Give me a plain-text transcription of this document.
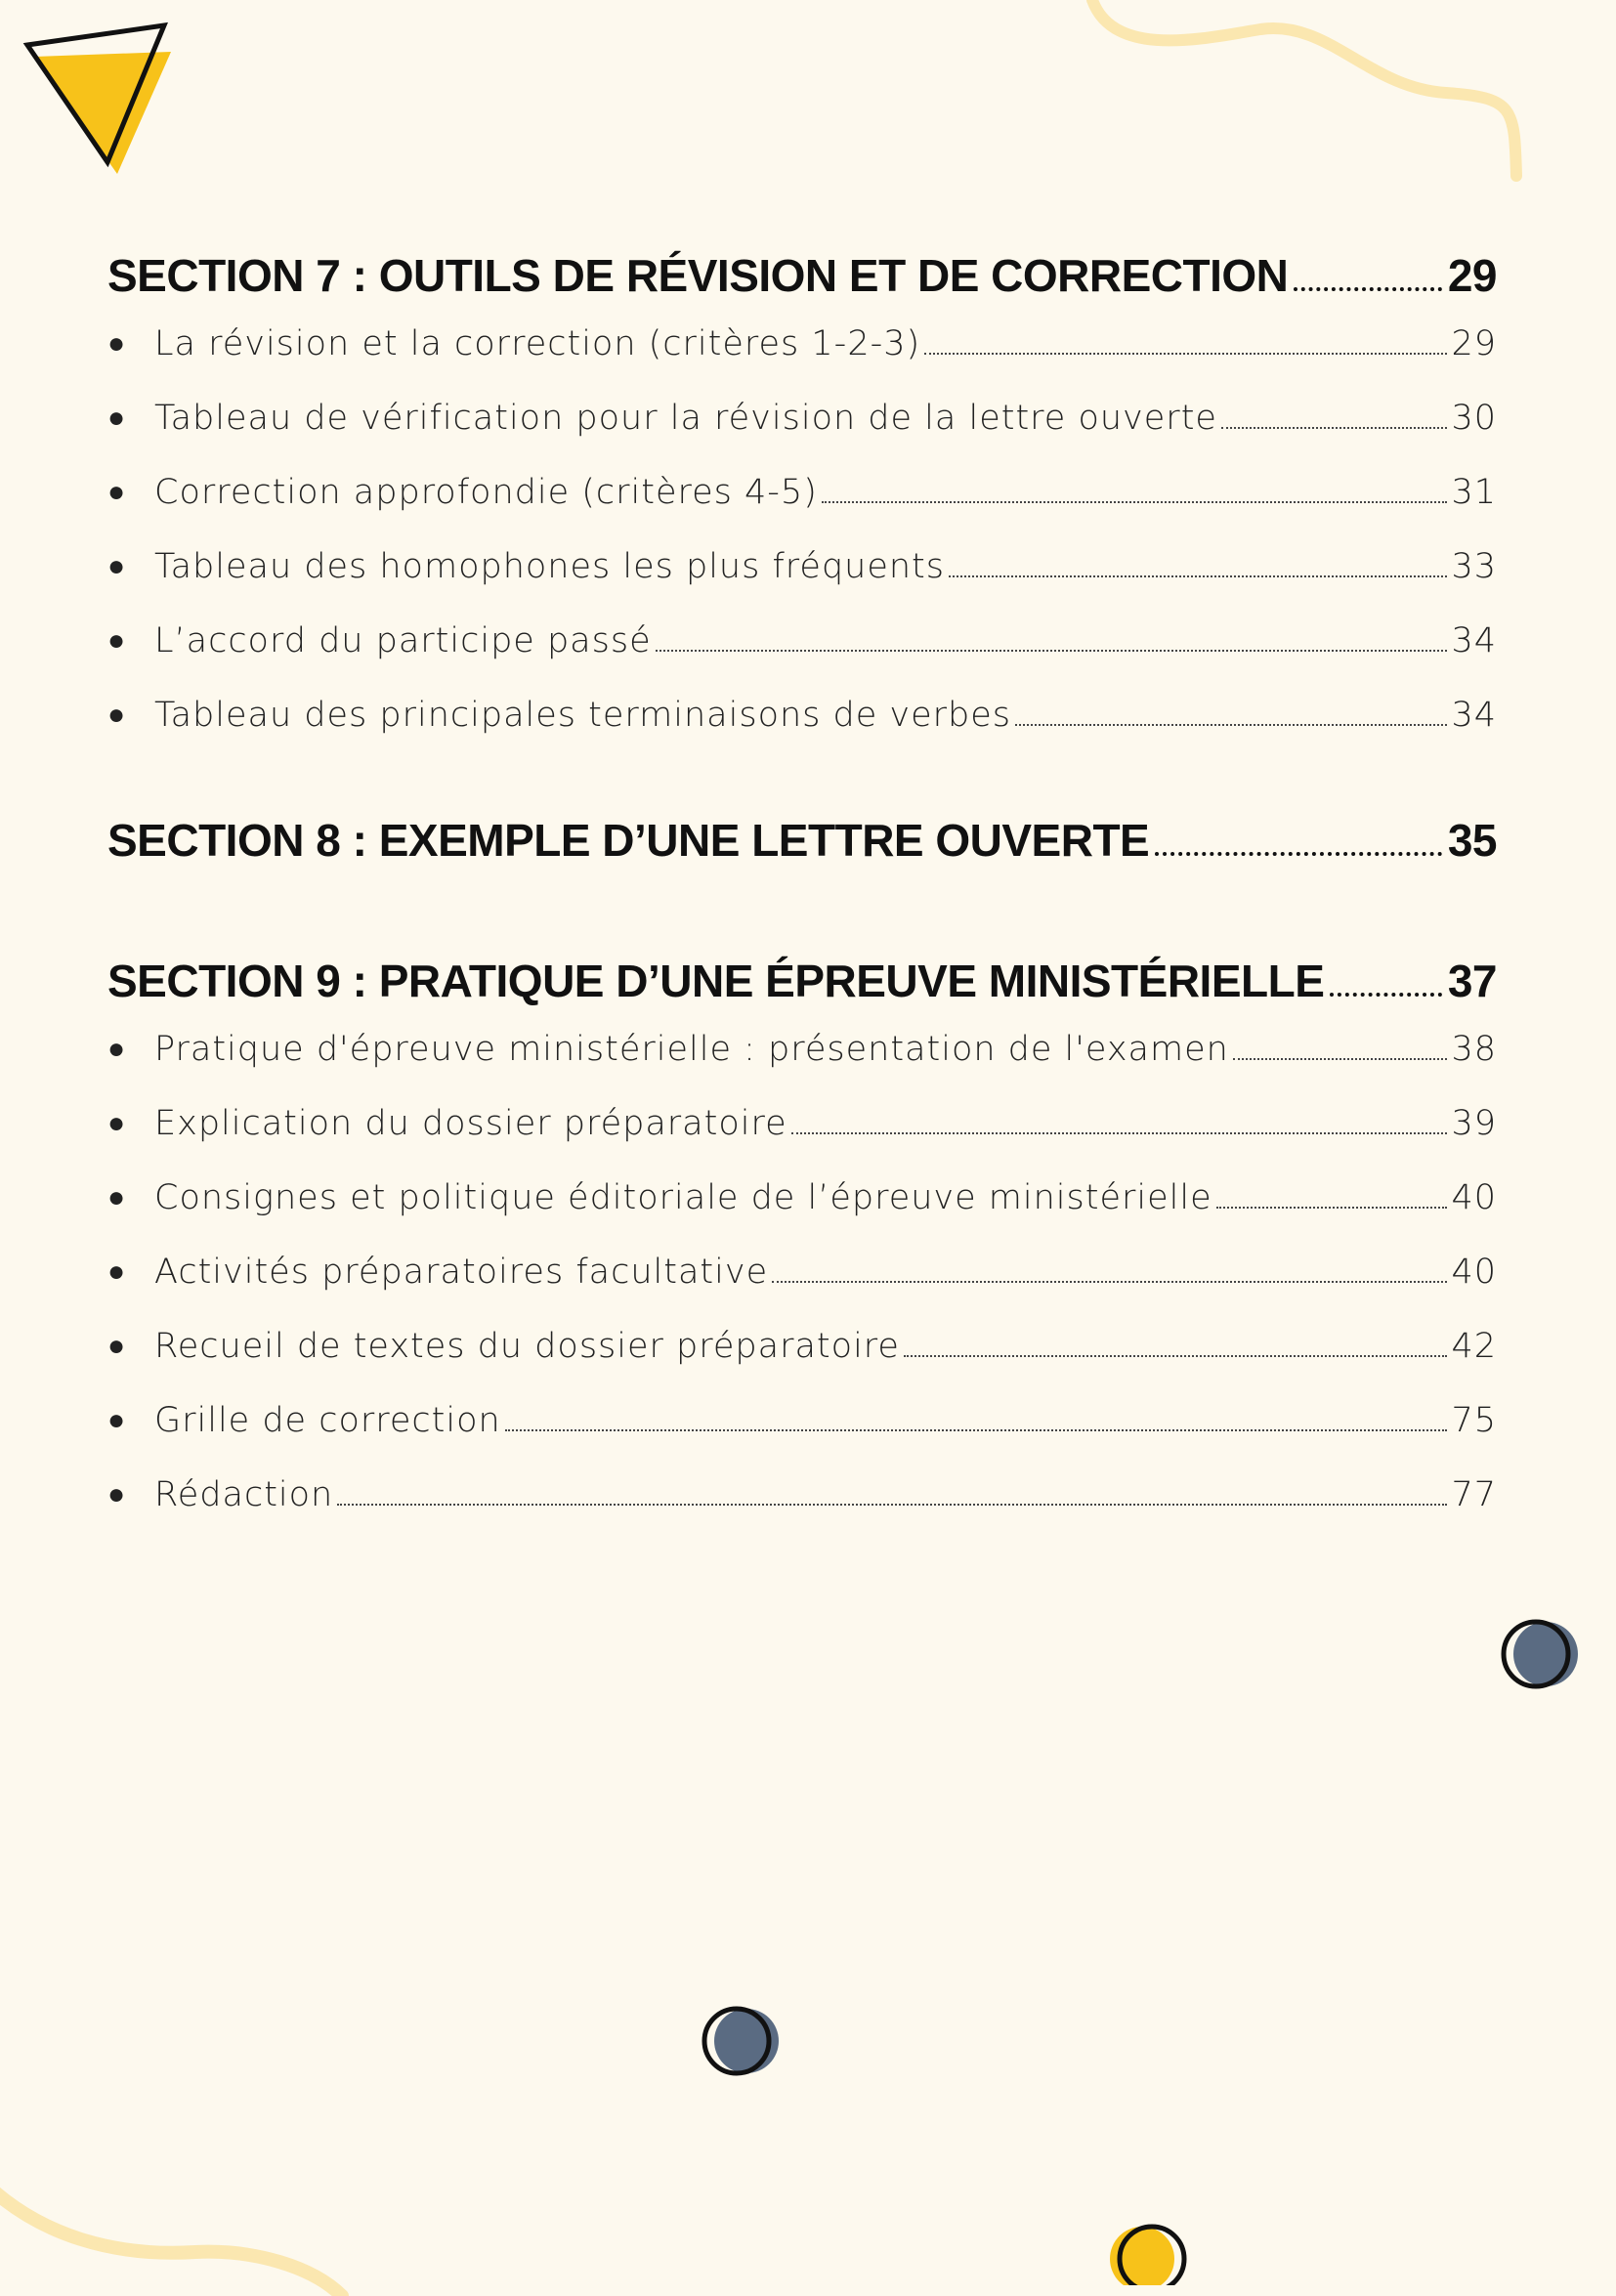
SECTION 7 : OUTILS DE RÉVISION ET DE CORRECTION	29
● La révision et la correction (critères 1-2-3)	29
● Tableau de vérification pour la révision de la lettre ouverte	30
● Correction approfondie (critères 4-5)	31
● Tableau des homophones les plus fréquents	33
● L’accord du participe passé	34
● Tableau des principales terminaisons de verbes	34
SECTION 8 : EXEMPLE D’UNE LETTRE OUVERTE	35
SECTION 9 : PRATIQUE D’UNE ÉPREUVE MINISTÉRIELLE	37
● Pratique d'épreuve ministérielle : présentation de l'examen	38
● Explication du dossier préparatoire	39
● Consignes et politique éditoriale de l’épreuve ministérielle	40
● Activités préparatoires facultative	40
● Recueil de textes du dossier préparatoire	42
● Grille de correction	75
● Rédaction	77
